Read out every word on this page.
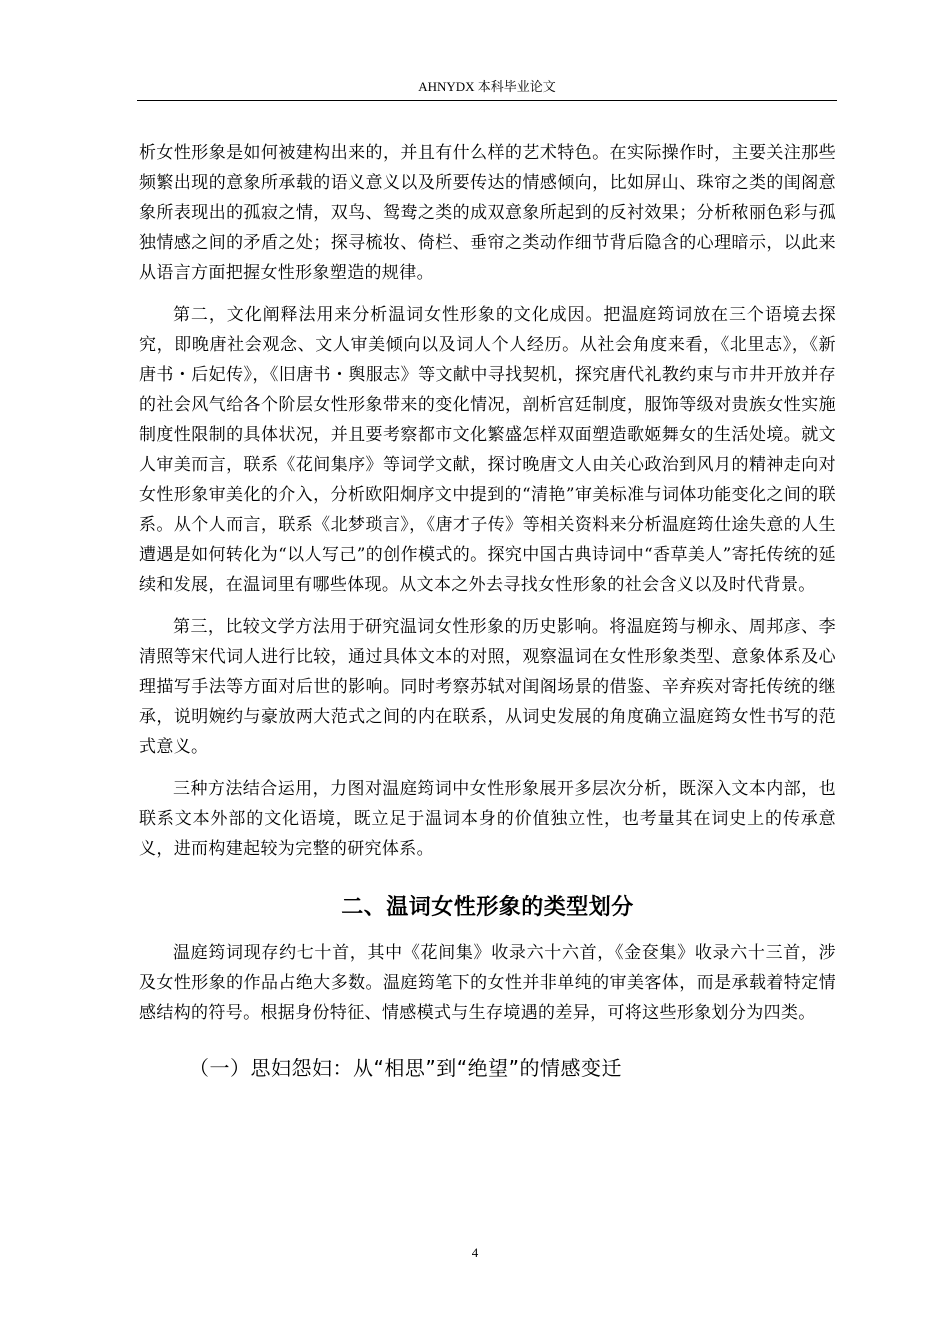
AHNYDX 本科毕业论文

析女性形象是如何被建构出来的，并且有什么样的艺术特色。在实际操作时，主要关注那些频繁出现的意象所承载的语义意义以及所要传达的情感倾向，比如屏山、珠帘之类的闺阁意象所表现出的孤寂之情，双鸟、鸳鸯之类的成双意象所起到的反衬效果；分析秾丽色彩与孤独情感之间的矛盾之处；探寻梳妆、倚栏、垂帘之类动作细节背后隐含的心理暗示，以此来从语言方面把握女性形象塑造的规律。

第二，文化阐释法用来分析温词女性形象的文化成因。把温庭筠词放在三个语境去探究，即晚唐社会观念、文人审美倾向以及词人个人经历。从社会角度来看，《北里志》，《新唐书・后妃传》，《旧唐书・舆服志》等文献中寻找契机，探究唐代礼教约束与市井开放并存的社会风气给各个阶层女性形象带来的变化情况，剖析宫廷制度，服饰等级对贵族女性实施制度性限制的具体状况，并且要考察都市文化繁盛怎样双面塑造歌姬舞女的生活处境。就文人审美而言，联系《花间集序》等词学文献，探讨晚唐文人由关心政治到风月的精神走向对女性形象审美化的介入，分析欧阳炯序文中提到的“清艳”审美标准与词体功能变化之间的联系。从个人而言，联系《北梦琐言》，《唐才子传》等相关资料来分析温庭筠仕途失意的人生遭遇是如何转化为“以人写己”的创作模式的。探究中国古典诗词中“香草美人”寄托传统的延续和发展，在温词里有哪些体现。从文本之外去寻找女性形象的社会含义以及时代背景。

第三，比较文学方法用于研究温词女性形象的历史影响。将温庭筠与柳永、周邦彦、李清照等宋代词人进行比较，通过具体文本的对照，观察温词在女性形象类型、意象体系及心理描写手法等方面对后世的影响。同时考察苏轼对闺阁场景的借鉴、辛弃疾对寄托传统的继承，说明婉约与豪放两大范式之间的内在联系，从词史发展的角度确立温庭筠女性书写的范式意义。

三种方法结合运用，力图对温庭筠词中女性形象展开多层次分析，既深入文本内部，也联系文本外部的文化语境，既立足于温词本身的价值独立性，也考量其在词史上的传承意义，进而构建起较为完整的研究体系。

二、温词女性形象的类型划分

温庭筠词现存约七十首，其中《花间集》收录六十六首，《金奁集》收录六十三首，涉及女性形象的作品占绝大多数。温庭筠笔下的女性并非单纯的审美客体，而是承载着特定情感结构的符号。根据身份特征、情感模式与生存境遇的差异，可将这些形象划分为四类。

（一）思妇怨妇：从“相思”到“绝望”的情感变迁
4
